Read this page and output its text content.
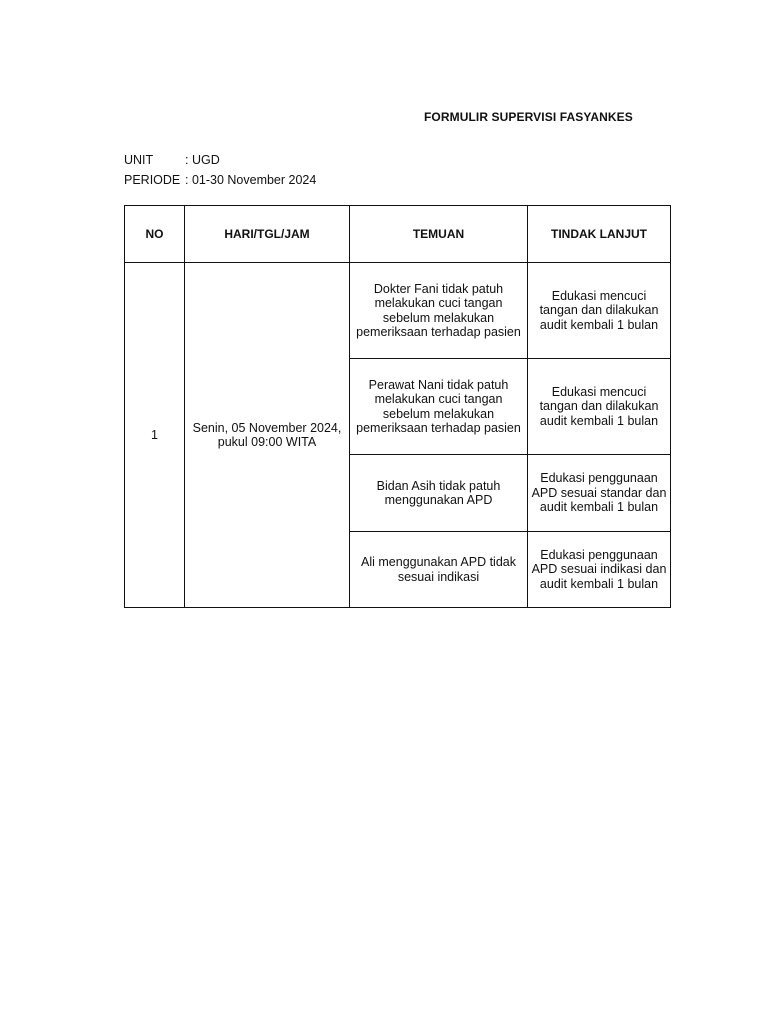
FORMULIR SUPERVISI FASYANKES
UNIT	: UGD
PERIODE : 01-30 November 2024
NO	HARI/TGL/JAM	TEMUAN	TINDAK LANJUT
1	Senin, 05 November 2024, pukul 09:00 WITA	Dokter Fani tidak patuh melakukan cuci tangan sebelum melakukan pemeriksaan terhadap pasien	Edukasi mencuci tangan dan dilakukan audit kembali 1 bulan
		Perawat Nani tidak patuh melakukan cuci tangan sebelum melakukan pemeriksaan terhadap pasien	Edukasi mencuci tangan dan dilakukan audit kembali 1 bulan
		Bidan Asih tidak patuh menggunakan APD	Edukasi penggunaan APD sesuai standar dan audit kembali 1 bulan
		Ali menggunakan APD tidak sesuai indikasi	Edukasi penggunaan APD sesuai indikasi dan audit kembali 1 bulan
